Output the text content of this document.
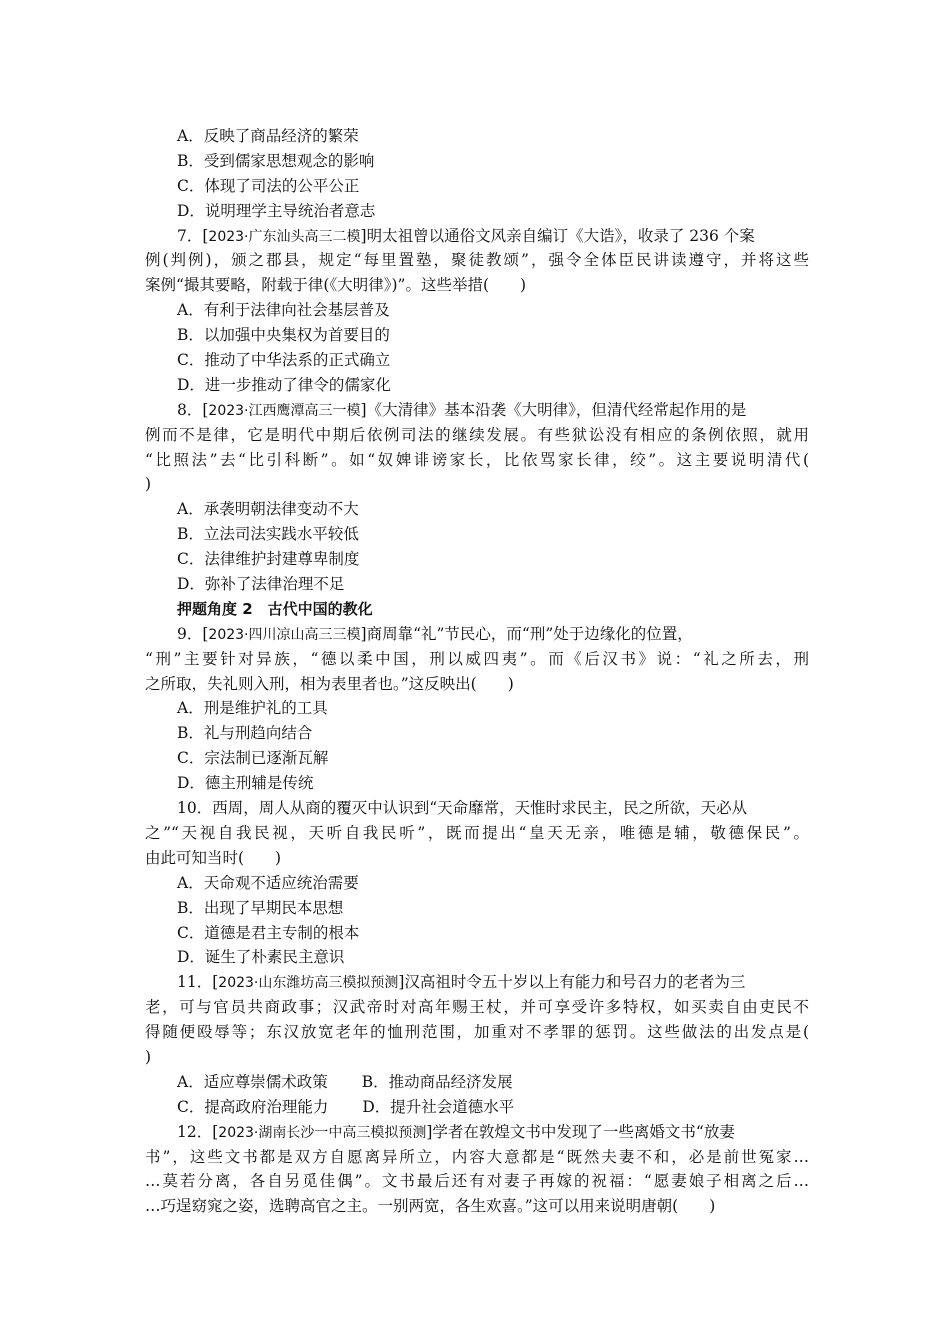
A．反映了商品经济的繁荣
B．受到儒家思想观念的影响
C．体现了司法的公平公正
D．说明理学主导统治者意志
7．[2023·广东汕头高三二模]明太祖曾以通俗文风亲自编订《大诰》，收录了 236 个案
例(判例)，颁之郡县，规定“每里置塾，聚徒教颂”，强令全体臣民讲读遵守，并将这些
案例“撮其要略，附载于律(《大明律》)”。这些举措(　　)
A．有利于法律向社会基层普及
B．以加强中央集权为首要目的
C．推动了中华法系的正式确立
D．进一步推动了律令的儒家化
8．[2023·江西鹰潭高三一模]《大清律》基本沿袭《大明律》，但清代经常起作用的是
例而不是律，它是明代中期后依例司法的继续发展。有些狱讼没有相应的条例依照，就用
“比照法”去“比引科断”。如“奴婢诽谤家长，比依骂家长律，绞”。这主要说明清代(
)
A．承袭明朝法律变动不大
B．立法司法实践水平较低
C．法律维护封建尊卑制度
D．弥补了法律治理不足
押题角度 2　古代中国的教化
9．[2023·四川凉山高三三模]商周靠“礼”节民心，而“刑”处于边缘化的位置，
“刑”主要针对异族，“德以柔中国，刑以威四夷”。而《后汉书》说：“礼之所去，刑
之所取，失礼则入刑，相为表里者也。”这反映出(　　)
A．刑是维护礼的工具
B．礼与刑趋向结合
C．宗法制已逐渐瓦解
D．德主刑辅是传统
10．西周，周人从商的覆灭中认识到“天命靡常，天惟时求民主，民之所欲，天必从
之”“天视自我民视，天听自我民听”，既而提出“皇天无亲，唯德是辅，敬德保民”。
由此可知当时(　　)
A．天命观不适应统治需要
B．出现了早期民本思想
C．道德是君主专制的根本
D．诞生了朴素民主意识
11．[2023·山东潍坊高三模拟预测]汉高祖时令五十岁以上有能力和号召力的老者为三
老，可与官员共商政事；汉武帝时对高年赐王杖，并可享受许多特权，如买卖自由吏民不
得随便殴辱等；东汉放宽老年的恤刑范围，加重对不孝罪的惩罚。这些做法的出发点是(
)
A．适应尊崇儒术政策 B．推动商品经济发展
C．提高政府治理能力 D．提升社会道德水平
12．[2023·湖南长沙一中高三模拟预测]学者在敦煌文书中发现了一些离婚文书“放妻
书”，这些文书都是双方自愿离异所立，内容大意都是“既然夫妻不和，必是前世冤家…
…莫若分离，各自另觅佳偶”。文书最后还有对妻子再嫁的祝福：“愿妻娘子相离之后…
…巧逞窈窕之姿，选聘高官之主。一别两宽，各生欢喜。”这可以用来说明唐朝(　　)
